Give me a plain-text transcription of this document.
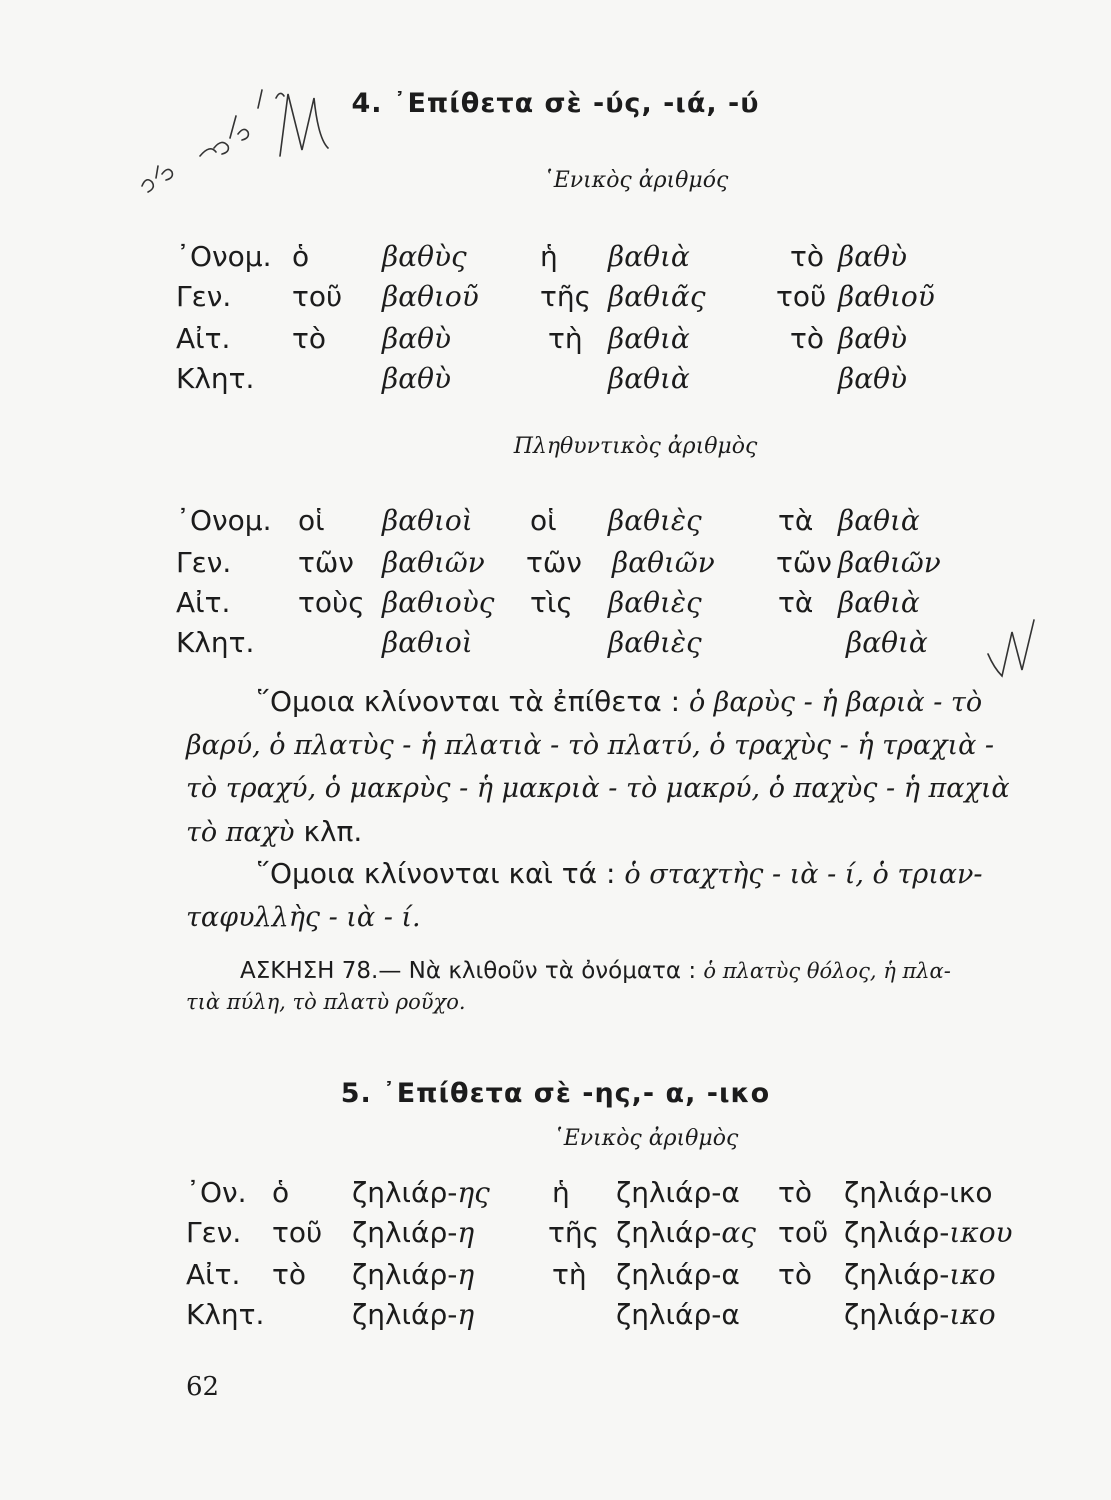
4. ᾿Επίθετα σὲ -ύς, -ιά, -ύ
῾Ενικὸς ἀριθμός
᾿Ονομ. ὁ	βαθὺς	ἡ βαθιὰ	τὸ βαθὺ
Γεν. τοῦ βαθιοῦ τῆς βαθιᾶς	τοῦ βαθιοῦ
Αἰτ. τὸ βαθὺ	τὴ βαθιὰ	τὸ βαθὺ
Κλητ.	βαθὺ	βαθιὰ	βαθὺ
Πληθυντικὸς ἀριθμὸς
᾿Ονομ. οἱ βαθιοὶ οἱ βαθιὲς	τὰ βαθιὰ
Γεν. τῶν βαθιῶν τῶν βαθιῶν τῶν βαθιῶν
Αἰτ. τοὺς βαθιοὺς τὶς βαθιὲς	τὰ βαθιὰ
Κλητ.	βαθιοὶ	βαθιὲς	βαθιὰ
῞Ομοια κλίνονται τὰ ἐπίθετα : ὁ βαρὺς - ἡ βαριὰ - τὸ
βαρύ, ὁ πλατὺς - ἡ πλατιὰ - τὸ πλατύ, ὁ τραχὺς - ἡ τραχιὰ -
τὸ τραχύ, ὁ μακρὺς - ἡ μακριὰ - τὸ μακρύ, ὁ παχὺς - ἡ παχιὰ
τὸ παχὺ κλπ.
῞Ομοια κλίνονται καὶ τά : ὁ σταχτὴς - ιὰ - ί, ὁ τριαν-
ταφυλλὴς - ιὰ - ί.
ΑΣΚΗΣΗ 78.— Νὰ κλιθοῦν τὰ ὀνόματα : ὁ πλατὺς θόλος, ἡ πλα-
τιὰ πύλη, τὸ πλατὺ ροῦχο.
5. ᾿Επίθετα σὲ -ης,- α, -ικο
῾Ενικὸς ἀριθμὸς
᾿Ον. ὁ ζηλιάρ-ης ἡ ζηλιάρ-α τὸ ζηλιάρ-ικο
Γεν. τοῦ ζηλιάρ-η	τῆς ζηλιάρ-ας τοῦ ζηλιάρ-ικου
Αἰτ. τὸ ζηλιάρ-η	τὴ ζηλιάρ-α τὸ ζηλιάρ-ικο
Κλητ.	ζηλιάρ-η	ζηλιάρ-α	ζηλιάρ-ικο
62
